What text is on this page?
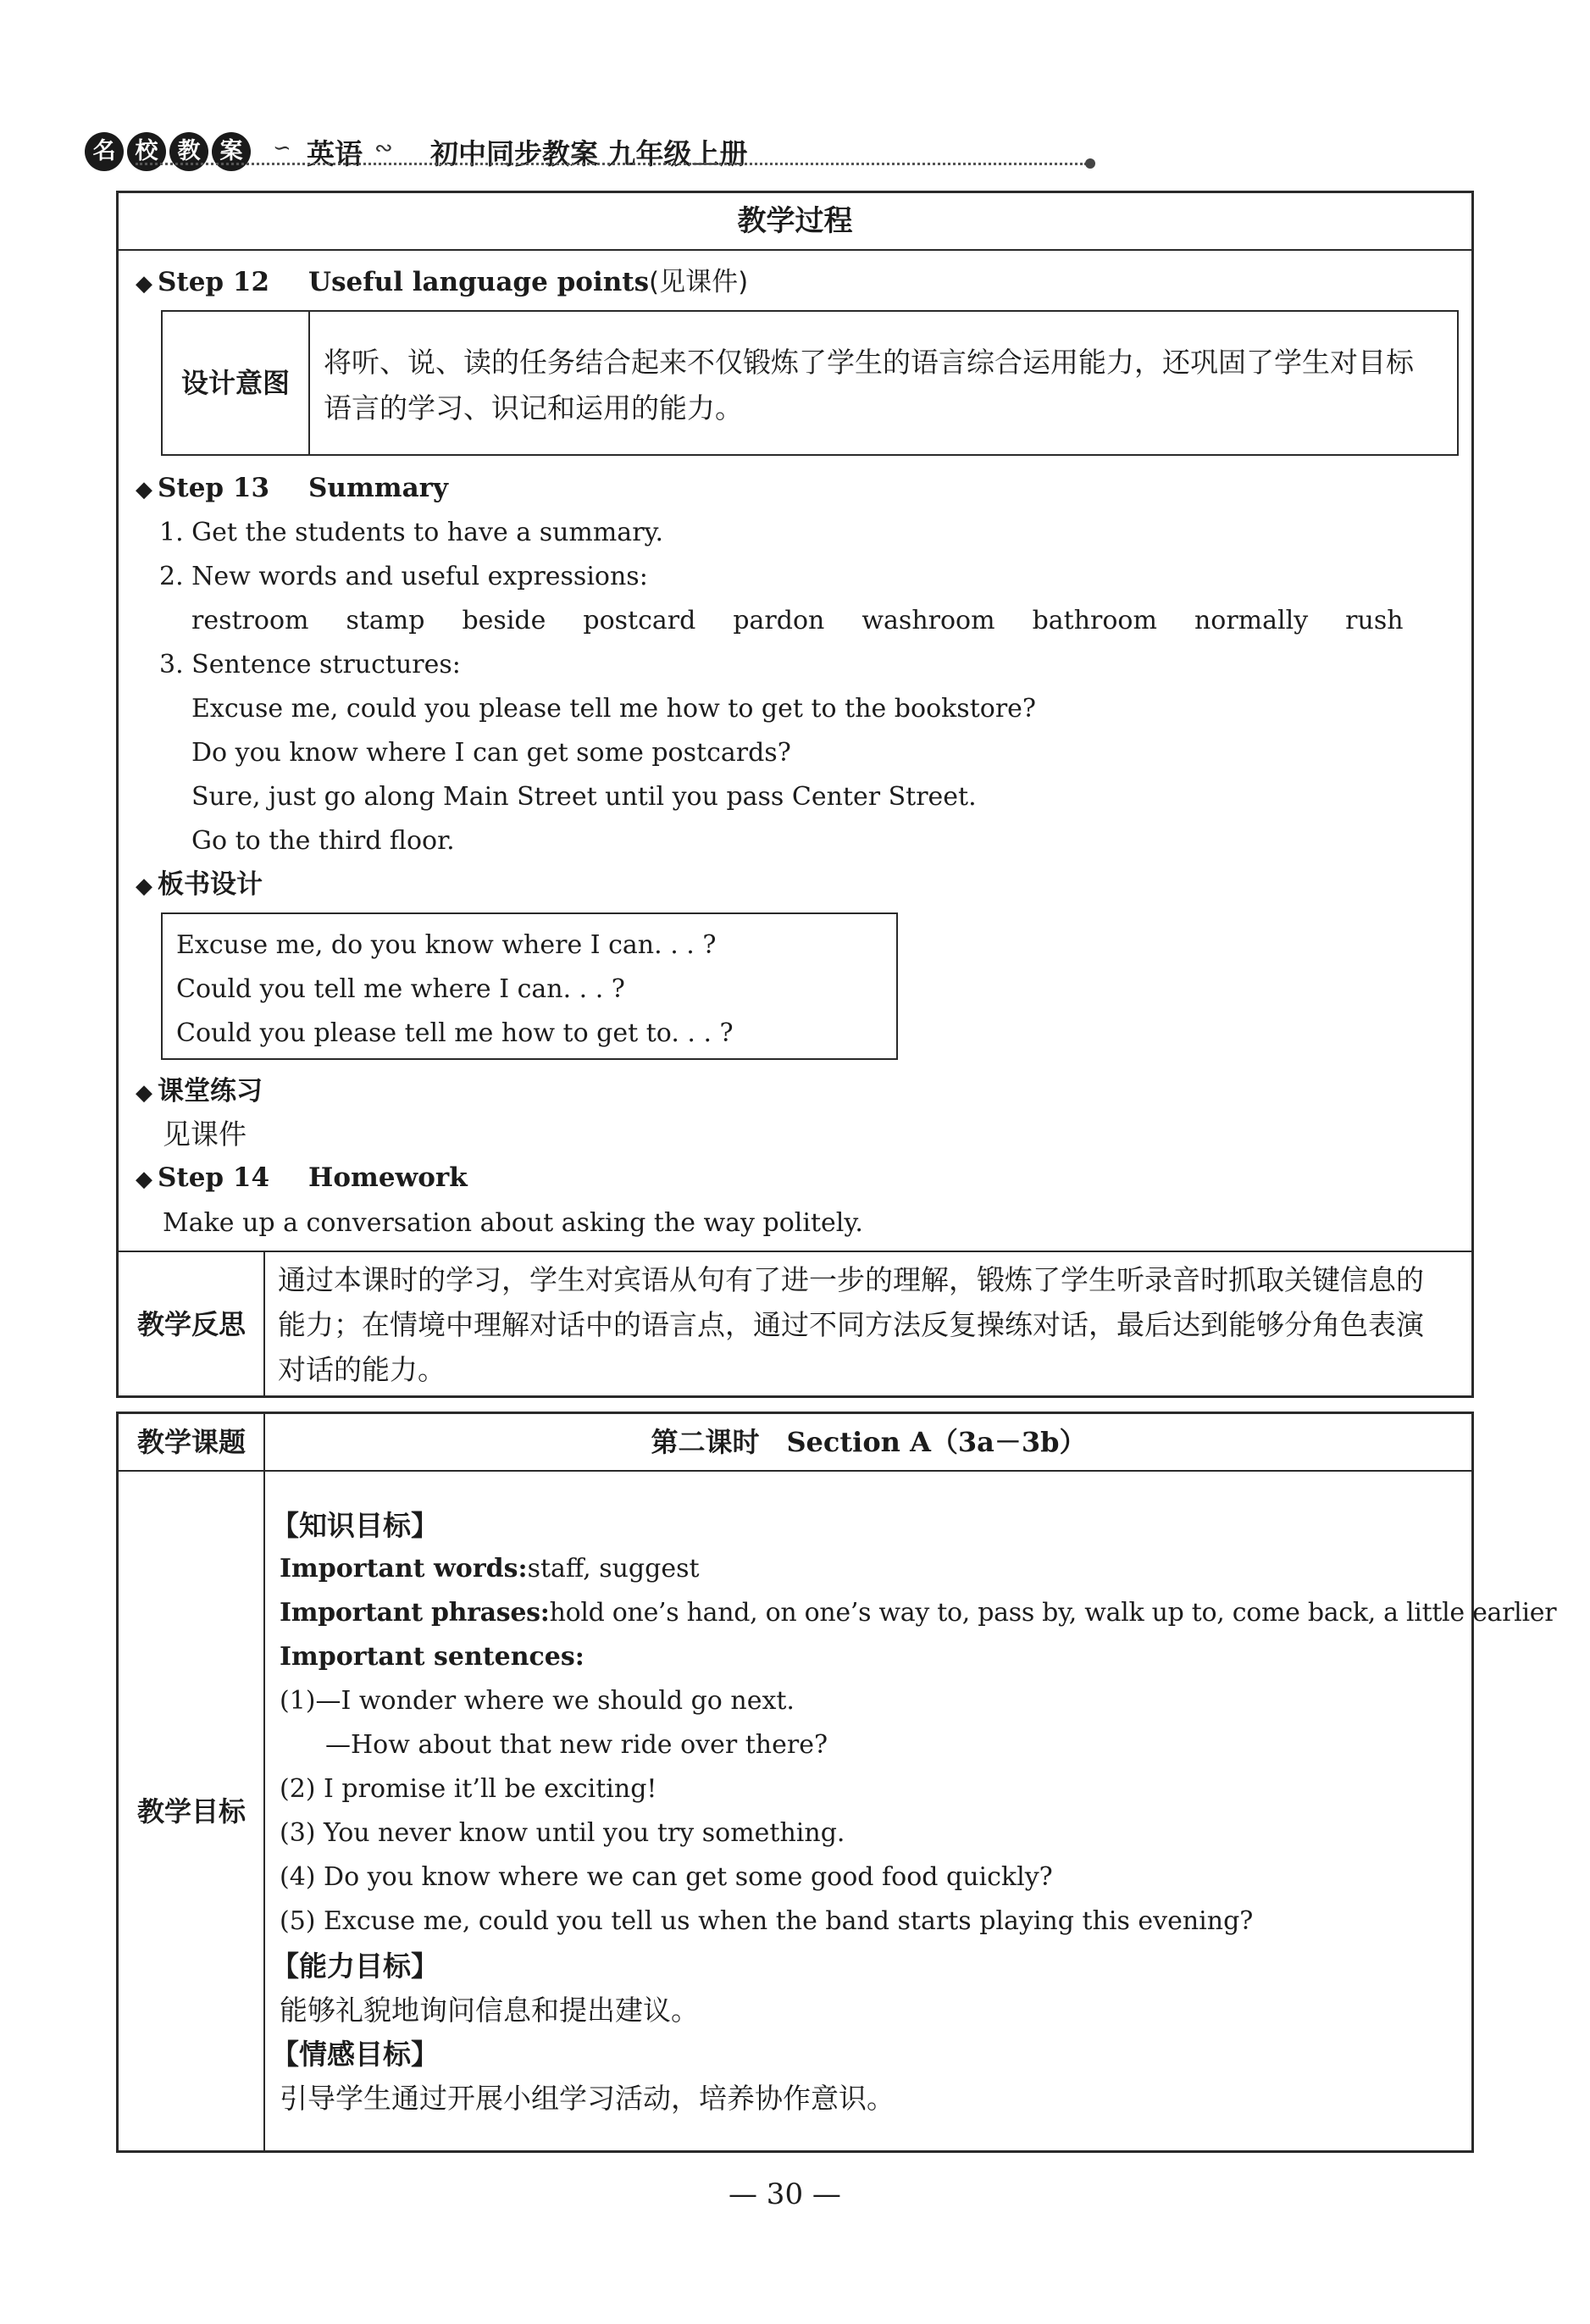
名 校 教 案	∽ 英语 ∾ 初中同步教案 九年级上册
教学过程
◆ Step 12 Useful language points(见课件)
设计意图
将听、说、读的任务结合起来不仅锻炼了学生的语言综合运用能力，还巩固了学生对目标
语言的学习、识记和运用的能力。
◆ Step 13 Summary
1. Get the students to have a summary.
2. New words and useful expressions:
restroom stamp beside postcard pardon washroom bathroom normally rush
3. Sentence structures:
Excuse me, could you please tell me how to get to the bookstore?
Do you know where I can get some postcards?
Sure, just go along Main Street until you pass Center Street.
Go to the third floor.
◆ 板书设计
Excuse me, do you know where I can. . . ?
Could you tell me where I can. . . ?
Could you please tell me how to get to. . . ?
◆ 课堂练习
见课件
◆ Step 14 Homework
Make up a conversation about asking the way politely.
教学反思
通过本课时的学习，学生对宾语从句有了进一步的理解，锻炼了学生听录音时抓取关键信息的
能力；在情境中理解对话中的语言点，通过不同方法反复操练对话，最后达到能够分角色表演
对话的能力。
教学课题	第二课时　Section A（3a－3b）
教学目标
【知识目标】
Important words:staff, suggest
Important phrases:hold one’s hand, on one’s way to, pass by, walk up to, come back, a little earlier
Important sentences:
(1)—I wonder where we should go next.
—How about that new ride over there?
(2) I promise it’ll be exciting!
(3) You never know until you try something.
(4) Do you know where we can get some good food quickly?
(5) Excuse me, could you tell us when the band starts playing this evening?
【能力目标】
能够礼貌地询问信息和提出建议。
【情感目标】
引导学生通过开展小组学习活动，培养协作意识。
— 30 —
